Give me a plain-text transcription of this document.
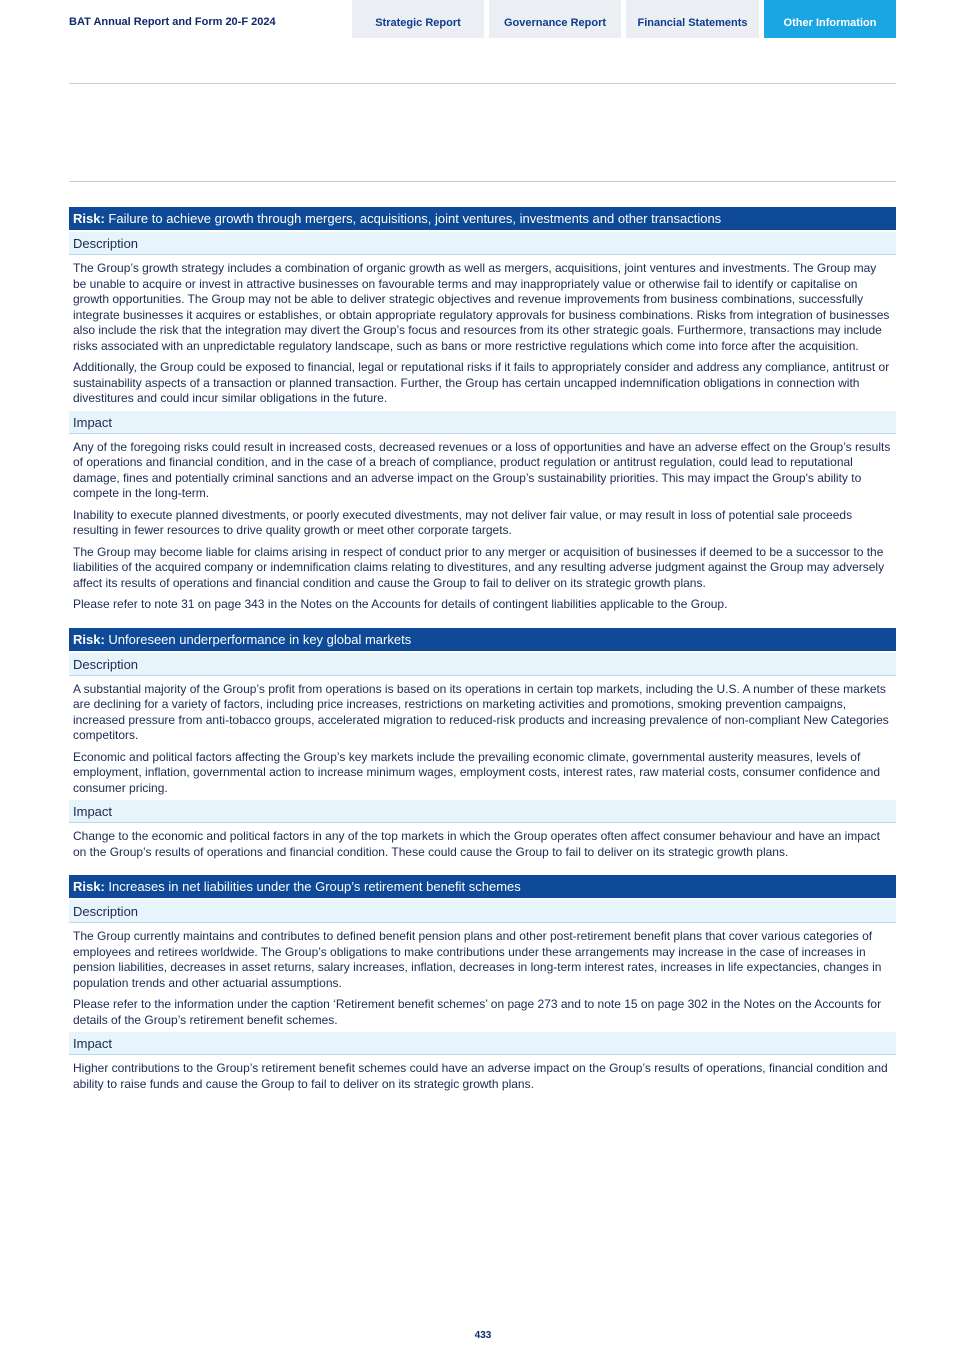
BAT Annual Report and Form 20-F 2024	Strategic Report	Governance Report	Financial Statements	Other Information
Risk: Failure to achieve growth through mergers, acquisitions, joint ventures, investments and other transactions
Description

The Group’s growth strategy includes a combination of organic growth as well as mergers, acquisitions, joint ventures and investments. The Group may be unable to acquire or invest in attractive businesses on favourable terms and may inappropriately value or otherwise fail to identify or capitalise on growth opportunities. The Group may not be able to deliver strategic objectives and revenue improvements from business combinations, successfully integrate businesses it acquires or establishes, or obtain appropriate regulatory approvals for business combinations. Risks from integration of businesses also include the risk that the integration may divert the Group’s focus and resources from its other strategic goals. Furthermore, transactions may include risks associated with an unpredictable regulatory landscape, such as bans or more restrictive regulations which come into force after the acquisition.

Additionally, the Group could be exposed to financial, legal or reputational risks if it fails to appropriately consider and address any compliance, antitrust or sustainability aspects of a transaction or planned transaction. Further, the Group has certain uncapped indemnification obligations in connection with divestitures and could incur similar obligations in the future.

Impact

Any of the foregoing risks could result in increased costs, decreased revenues or a loss of opportunities and have an adverse effect on the Group’s results of operations and financial condition, and in the case of a breach of compliance, product regulation or antitrust regulation, could lead to reputational damage, fines and potentially criminal sanctions and an adverse impact on the Group’s sustainability priorities. This may impact the Group's ability to compete in the long-term.

Inability to execute planned divestments, or poorly executed divestments, may not deliver fair value, or may result in loss of potential sale proceeds resulting in fewer resources to drive quality growth or meet other corporate targets.

The Group may become liable for claims arising in respect of conduct prior to any merger or acquisition of businesses if deemed to be a successor to the liabilities of the acquired company or indemnification claims relating to divestitures, and any resulting adverse judgment against the Group may adversely affect its results of operations and financial condition and cause the Group to fail to deliver on its strategic growth plans.

Please refer to note 31 on page 343 in the Notes on the Accounts for details of contingent liabilities applicable to the Group.

Risk: Unforeseen underperformance in key global markets
Description

A substantial majority of the Group’s profit from operations is based on its operations in certain top markets, including the U.S. A number of these markets are declining for a variety of factors, including price increases, restrictions on marketing activities and promotions, smoking prevention campaigns, increased pressure from anti-tobacco groups, accelerated migration to reduced-risk products and increasing prevalence of non-compliant New Categories competitors.

Economic and political factors affecting the Group’s key markets include the prevailing economic climate, governmental austerity measures, levels of employment, inflation, governmental action to increase minimum wages, employment costs, interest rates, raw material costs, consumer confidence and consumer pricing.

Impact

Change to the economic and political factors in any of the top markets in which the Group operates often affect consumer behaviour and have an impact on the Group’s results of operations and financial condition. These could cause the Group to fail to deliver on its strategic growth plans.

Risk: Increases in net liabilities under the Group’s retirement benefit schemes
Description

The Group currently maintains and contributes to defined benefit pension plans and other post-retirement benefit plans that cover various categories of employees and retirees worldwide. The Group’s obligations to make contributions under these arrangements may increase in the case of increases in pension liabilities, decreases in asset returns, salary increases, inflation, decreases in long-term interest rates, increases in life expectancies, changes in population trends and other actuarial assumptions.

Please refer to the information under the caption ‘Retirement benefit schemes’ on page 273 and to note 15 on page 302 in the Notes on the Accounts for details of the Group’s retirement benefit schemes.

Impact

Higher contributions to the Group’s retirement benefit schemes could have an adverse impact on the Group’s results of operations, financial condition and ability to raise funds and cause the Group to fail to deliver on its strategic growth plans.

433
